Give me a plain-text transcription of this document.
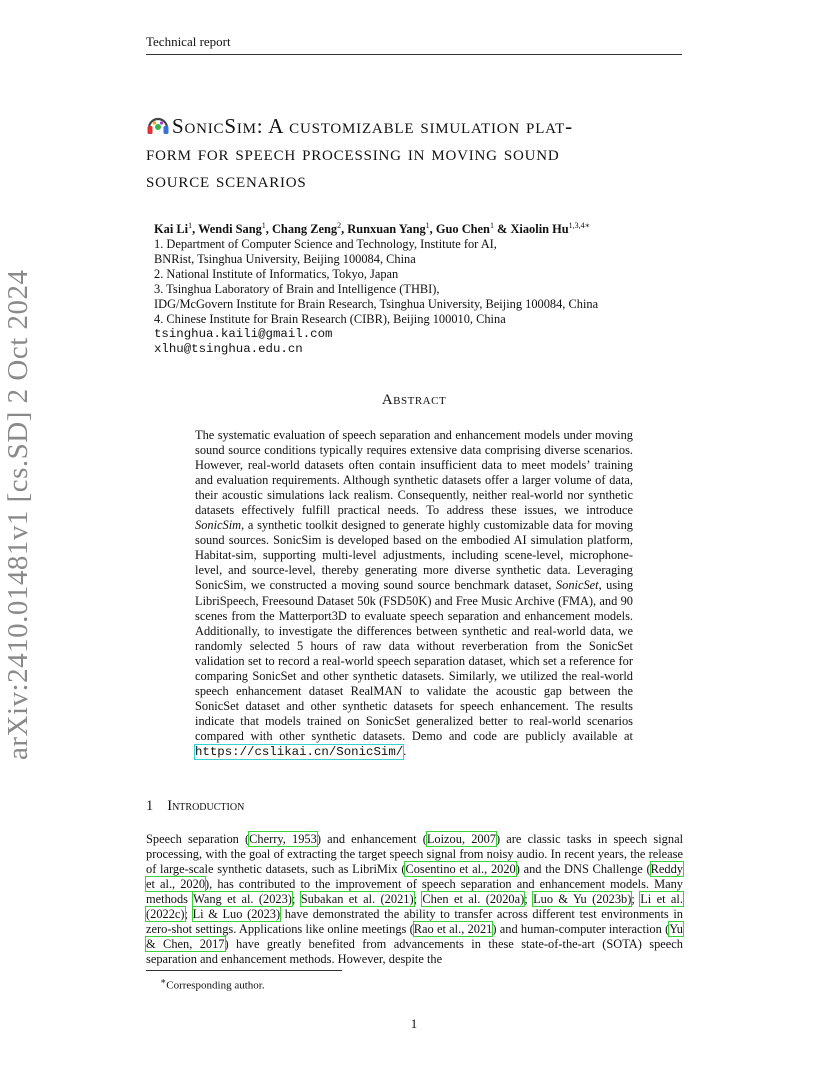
Technical report
arXiv:2410.01481v1 [cs.SD] 2 Oct 2024
SonicSim: A customizable simulation plat-
form for speech processing in moving sound
source scenarios
Kai Li$^1$, Wendi Sang$^1$, Chang Zeng$^2$, Runxuan Yang$^1$, Guo Chen$^1$ & Xiaolin $Hu^{1,3,4∗}$
1. Department of Computer Science and Technology, Institute for AI,
BNRist, Tsinghua University, Beijing 100084, China
2. National Institute of Informatics, Tokyo, Japan
3. Tsinghua Laboratory of Brain and Intelligence (THBI),
IDG/McGovern Institute for Brain Research, Tsinghua University, Beijing 100084, China
4. Chinese Institute for Brain Research (CIBR), Beijing 100010, China
tsinghua.kaili@gmail.com
xlhu@tsinghua.edu.cn
Abstract
The systematic evaluation of speech separation and enhancement models under moving sound source conditions typically requires extensive data comprising diverse scenarios. However, real-world datasets often contain insufficient data to meet models’ training and evaluation requirements. Although synthetic datasets offer a larger volume of data, their acoustic simulations lack realism. Consequently, neither real-world nor synthetic datasets effectively fulfill practical needs. To address these issues, we introduce SonicSim, a synthetic toolkit designed to generate highly customizable data for moving sound sources. SonicSim is developed based on the embodied AI simulation platform, Habitat-sim, supporting multi-level adjustments, including scene-level, microphone-level, and source-level, thereby generating more diverse synthetic data. Leveraging SonicSim, we constructed a moving sound source benchmark dataset, SonicSet, using LibriSpeech, Freesound Dataset 50k (FSD50K) and Free Music Archive (FMA), and 90 scenes from the Matterport3D to evaluate speech separation and enhancement models. Additionally, to investigate the differences between synthetic and real-world data, we randomly selected 5 hours of raw data without reverberation from the SonicSet validation set to record a real-world speech separation dataset, which set a reference for comparing SonicSet and other synthetic datasets. Similarly, we utilized the real-world speech enhancement dataset RealMAN to validate the acoustic gap between the SonicSet dataset and other synthetic datasets for speech enhancement. The results indicate that models trained on SonicSet generalized better to real-world scenarios compared with other synthetic datasets. Demo and code are publicly available at https://cslikai.cn/SonicSim/.
1 Introduction
Speech separation (Cherry, 1953) and enhancement (Loizou, 2007) are classic tasks in speech signal processing, with the goal of extracting the target speech signal from noisy audio. In recent years, the release of large-scale synthetic datasets, such as LibriMix (Cosentino et al., 2020) and the DNS Challenge (Reddy et al., 2020), has contributed to the improvement of speech separation and enhancement models. Many methods Wang et al. (2023); Subakan et al. (2021); Chen et al. (2020a); Luo & Yu (2023b); Li et al. (2022c); Li & Luo (2023) have demonstrated the ability to transfer across different test environments in zero-shot settings. Applications like online meetings (Rao et al., 2021) and human-computer interaction (Yu & Chen, 2017) have greatly benefited from advancements in these state-of-the-art (SOTA) speech separation and enhancement methods. However, despite the
∗Corresponding author.
1
